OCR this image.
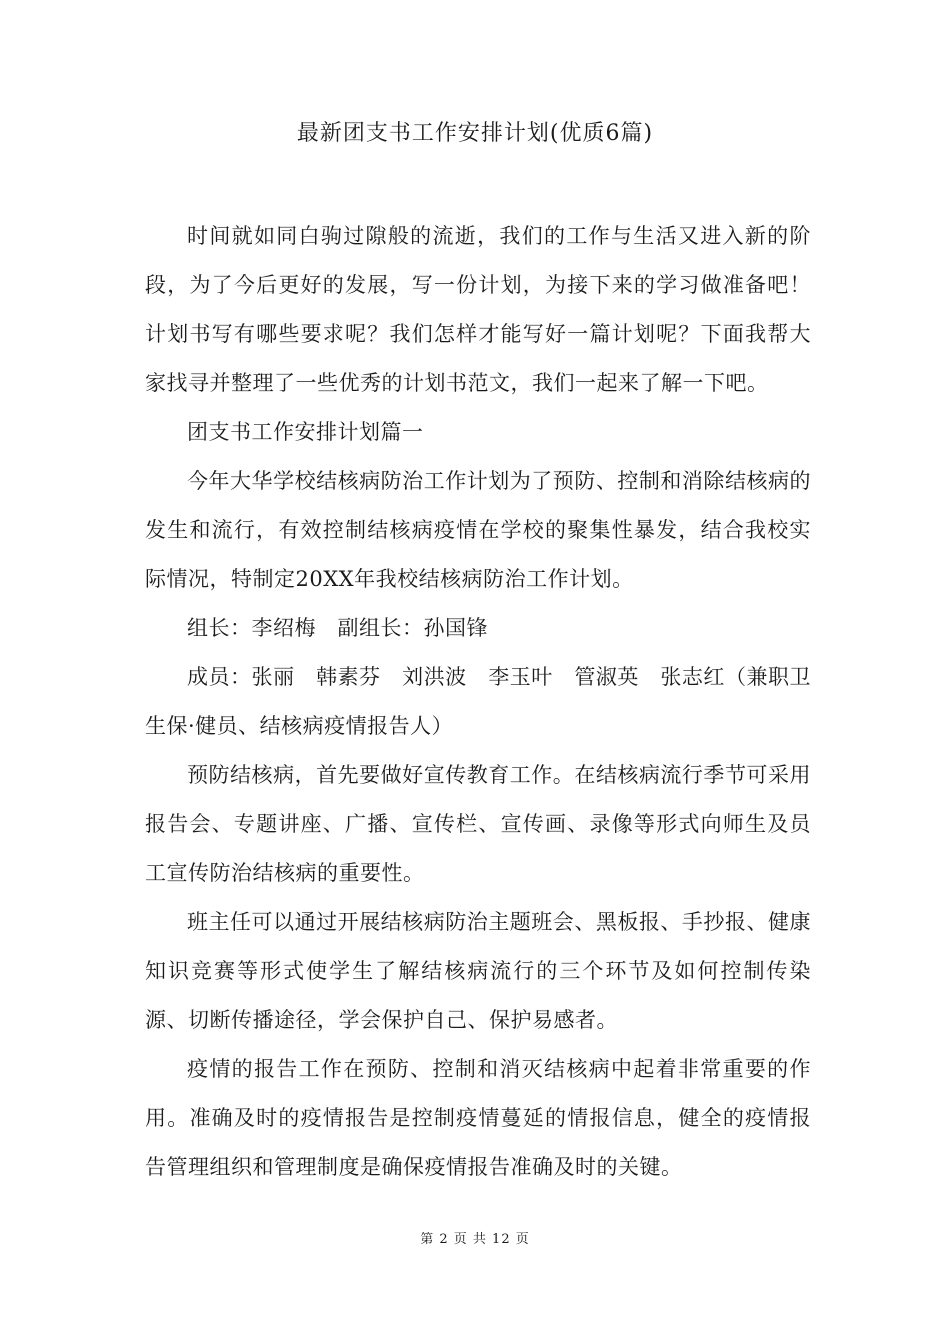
最新团支书工作安排计划(优质6篇)

时间就如同白驹过隙般的流逝，我们的工作与生活又进入新的阶段，为了今后更好的发展，写一份计划，为接下来的学习做准备吧！计划书写有哪些要求呢？我们怎样才能写好一篇计划呢？下面我帮大家找寻并整理了一些优秀的计划书范文，我们一起来了解一下吧。

团支书工作安排计划篇一

今年大华学校结核病防治工作计划为了预防、控制和消除结核病的发生和流行，有效控制结核病疫情在学校的聚集性暴发，结合我校实际情况，特制定20XX年我校结核病防治工作计划。

组长：李绍梅　副组长：孙国锋

成员：张丽　韩素芬　刘洪波　李玉叶　管淑英　张志红（兼职卫生保·健员、结核病疫情报告人）

预防结核病，首先要做好宣传教育工作。在结核病流行季节可采用报告会、专题讲座、广播、宣传栏、宣传画、录像等形式向师生及员工宣传防治结核病的重要性。

班主任可以通过开展结核病防治主题班会、黑板报、手抄报、健康知识竞赛等形式使学生了解结核病流行的三个环节及如何控制传染源、切断传播途径，学会保护自己、保护易感者。

疫情的报告工作在预防、控制和消灭结核病中起着非常重要的作用。准确及时的疫情报告是控制疫情蔓延的情报信息，健全的疫情报告管理组织和管理制度是确保疫情报告准确及时的关键。

第 2 页 共 12 页
